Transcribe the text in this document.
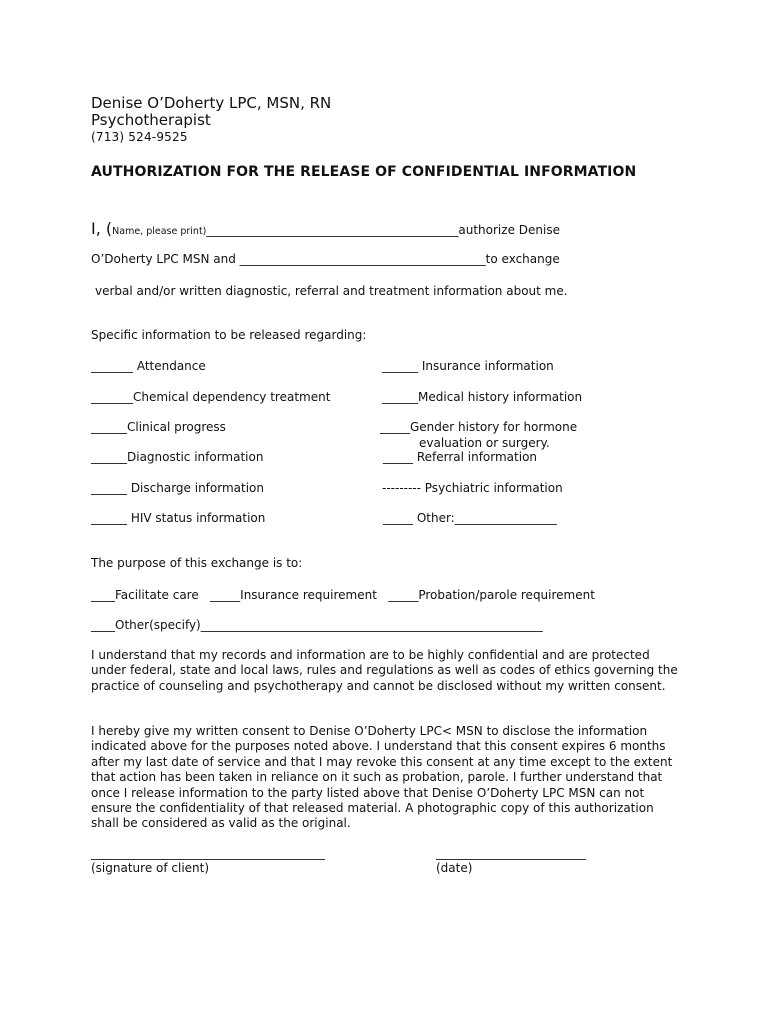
Denise O’Doherty LPC, MSN, RN
Psychotherapist
(713) 524-9525
AUTHORIZATION FOR THE RELEASE OF CONFIDENTIAL INFORMATION
I, (Name, please print)__________________________________________authorize Denise
O’Doherty LPC MSN and _________________________________________to exchange
verbal and/or written diagnostic, referral and treatment information about me.
Specific information to be released regarding:
_______ Attendance
_______Chemical dependency treatment
______Clinical progress
______Diagnostic information
______ Discharge information
______ HIV status information
______ Insurance information
______Medical history information
_____Gender history for hormone
evaluation or surgery.
_____ Referral information
--------- Psychiatric information
_____ Other:_________________
The purpose of this exchange is to:
____Facilitate care   _____Insurance requirement   _____Probation/parole requirement
____Other(specify)_________________________________________________________
I understand that my records and information are to be highly confidential and are protected under federal, state and local laws, rules and regulations as well as codes of ethics governing the practice of counseling and psychotherapy and cannot be disclosed without my written consent.
I hereby give my written consent to Denise O’Doherty LPC< MSN to disclose the information indicated above for the purposes noted above. I understand that this consent expires 6 months after my last date of service and that I may revoke this consent at any time except to the extent that action has been taken in reliance on it such as probation, parole. I further understand that once I release information to the party listed above that Denise O’Doherty LPC MSN can not ensure the confidentiality of that released material. A photographic copy of this authorization shall be considered as valid as the original.
_______________________________________
(signature of client)
_________________________
(date)
